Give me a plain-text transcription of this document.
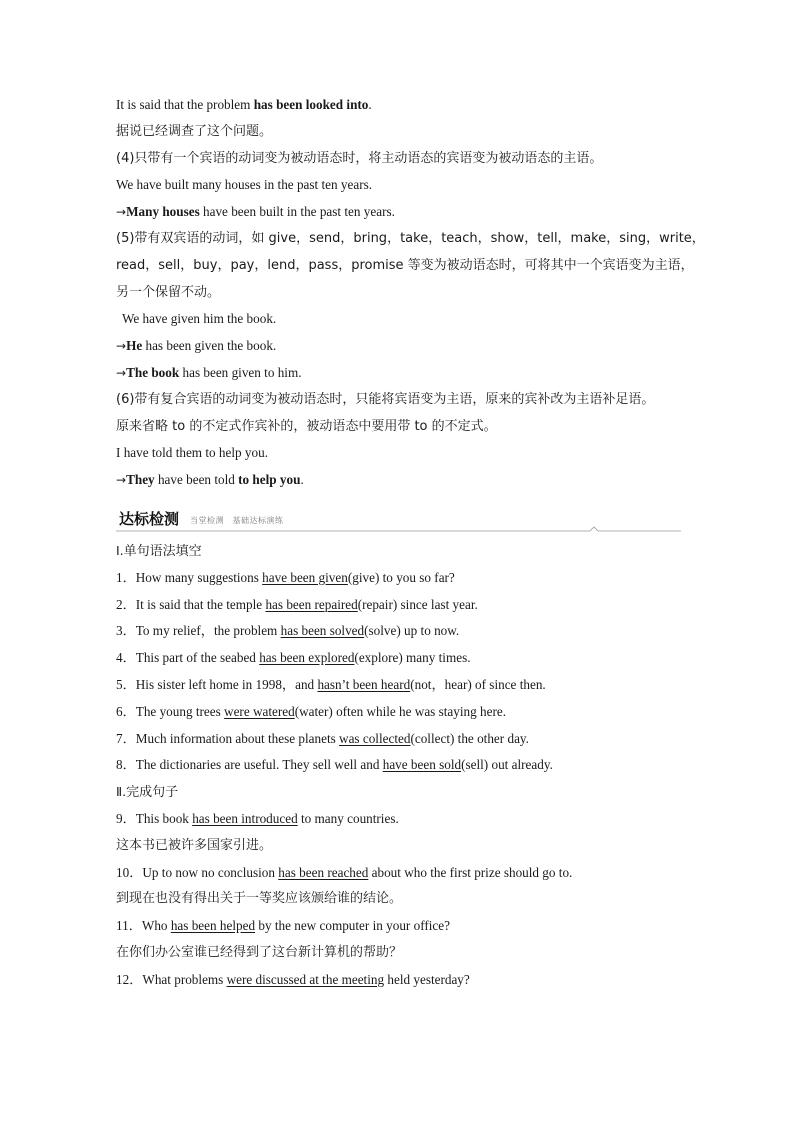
It is said that the problem has been looked into.
据说已经调查了这个问题。
(4)只带有一个宾语的动词变为被动语态时，将主动语态的宾语变为被动语态的主语。
We have built many houses in the past ten years.
→Many houses have been built in the past ten years.
(5)带有双宾语的动词，如 give，send，bring，take，teach，show，tell，make，sing，write，
read，sell，buy，pay，lend，pass，promise 等变为被动语态时，可将其中一个宾语变为主语，
另一个保留不动。
We have given him the book.
→He has been given the book.
→The book has been given to him.
(6)带有复合宾语的动词变为被动语态时，只能将宾语变为主语，原来的宾补改为主语补足语。
原来省略 to 的不定式作宾补的，被动语态中要用带 to 的不定式。
I have told them to help you.
→They have been told to help you.
达标检测 当堂检测　基础达标演练
Ⅰ.单句语法填空
1．How many suggestions have been given(give) to you so far?
2．It is said that the temple has been repaired(repair) since last year.
3．To my relief，the problem has been solved(solve) up to now.
4．This part of the seabed has been explored(explore) many times.
5．His sister left home in 1998，and hasn’t been heard(not，hear) of since then.
6．The young trees were watered(water) often while he was staying here.
7．Much information about these planets was collected(collect) the other day.
8．The dictionaries are useful. They sell well and have been sold(sell) out already.
Ⅱ.完成句子
9．This book has been introduced to many countries.
这本书已被许多国家引进。
10．Up to now no conclusion has been reached about who the first prize should go to.
到现在也没有得出关于一等奖应该颁给谁的结论。
11．Who has been helped by the new computer in your office?
在你们办公室谁已经得到了这台新计算机的帮助？
12．What problems were discussed at the meeting held yesterday?
